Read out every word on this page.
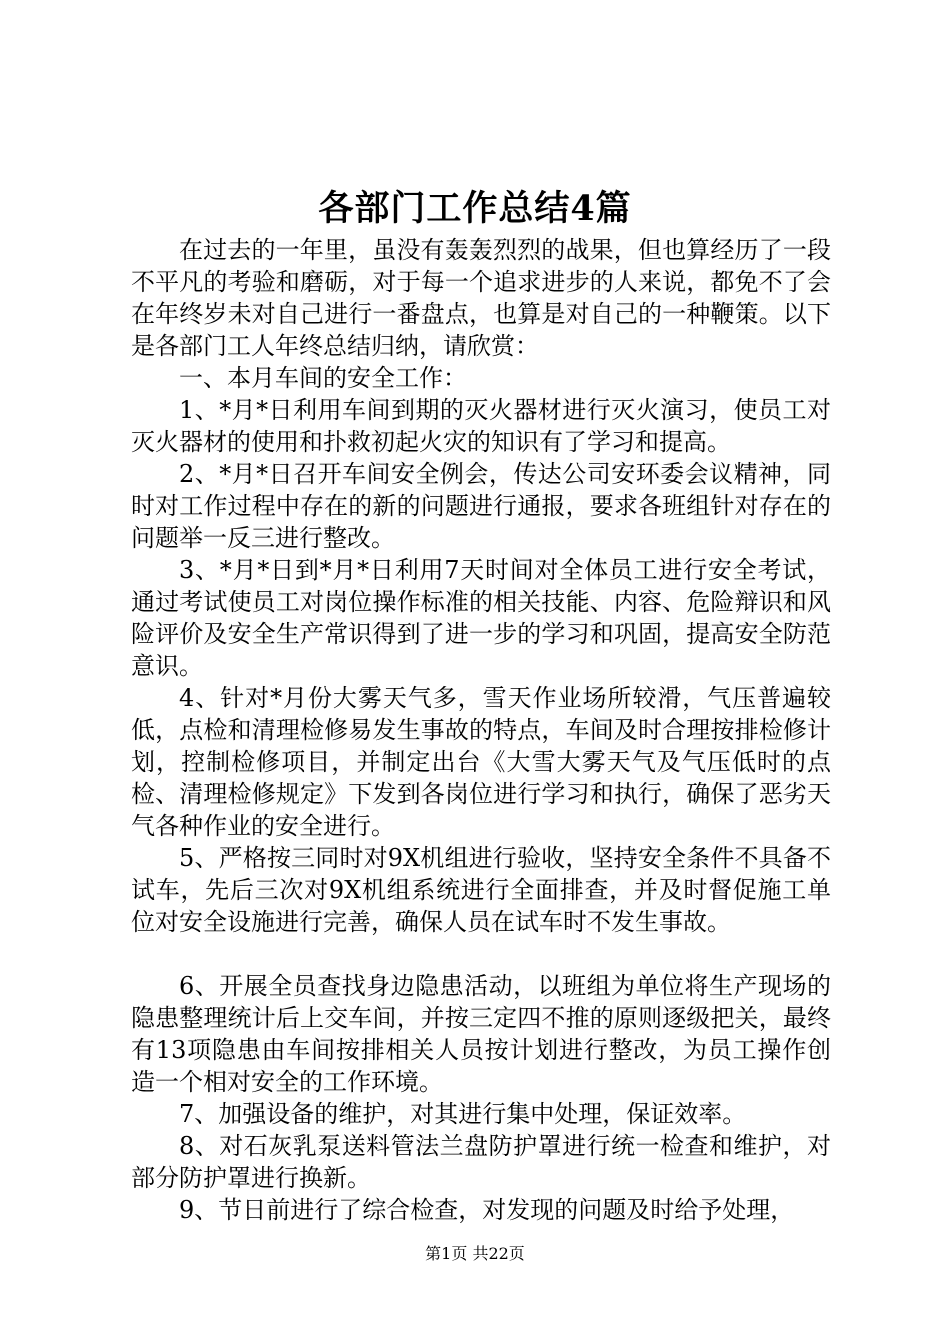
各部门工作总结4篇

在过去的一年里，虽没有轰轰烈烈的战果，但也算经历了一段不平凡的考验和磨砺，对于每一个追求进步的人来说，都免不了会在年终岁未对自己进行一番盘点，也算是对自己的一种鞭策。以下是各部门工人年终总结归纳，请欣赏：

一、本月车间的安全工作：

1、*月*日利用车间到期的灭火器材进行灭火演习，使员工对灭火器材的使用和扑救初起火灾的知识有了学习和提高。

2、*月*日召开车间安全例会，传达公司安环委会议精神，同时对工作过程中存在的新的问题进行通报，要求各班组针对存在的问题举一反三进行整改。

3、*月*日到*月*日利用7天时间对全体员工进行安全考试，通过考试使员工对岗位操作标准的相关技能、内容、危险辩识和风险评价及安全生产常识得到了进一步的学习和巩固，提高安全防范意识。

4、针对*月份大雾天气多，雪天作业场所较滑，气压普遍较低，点检和清理检修易发生事故的特点，车间及时合理按排检修计划，控制检修项目，并制定出台《大雪大雾天气及气压低时的点检、清理检修规定》下发到各岗位进行学习和执行，确保了恶劣天气各种作业的安全进行。

5、严格按三同时对9X机组进行验收，坚持安全条件不具备不试车，先后三次对9X机组系统进行全面排查，并及时督促施工单位对安全设施进行完善，确保人员在试车时不发生事故。

6、开展全员查找身边隐患活动，以班组为单位将生产现场的隐患整理统计后上交车间，并按三定四不推的原则逐级把关，最终有13项隐患由车间按排相关人员按计划进行整改，为员工操作创造一个相对安全的工作环境。

7、加强设备的维护，对其进行集中处理，保证效率。

8、对石灰乳泵送料管法兰盘防护罩进行统一检查和维护，对部分防护罩进行换新。

9、节日前进行了综合检查，对发现的问题及时给予处理，

第1页 共22页
